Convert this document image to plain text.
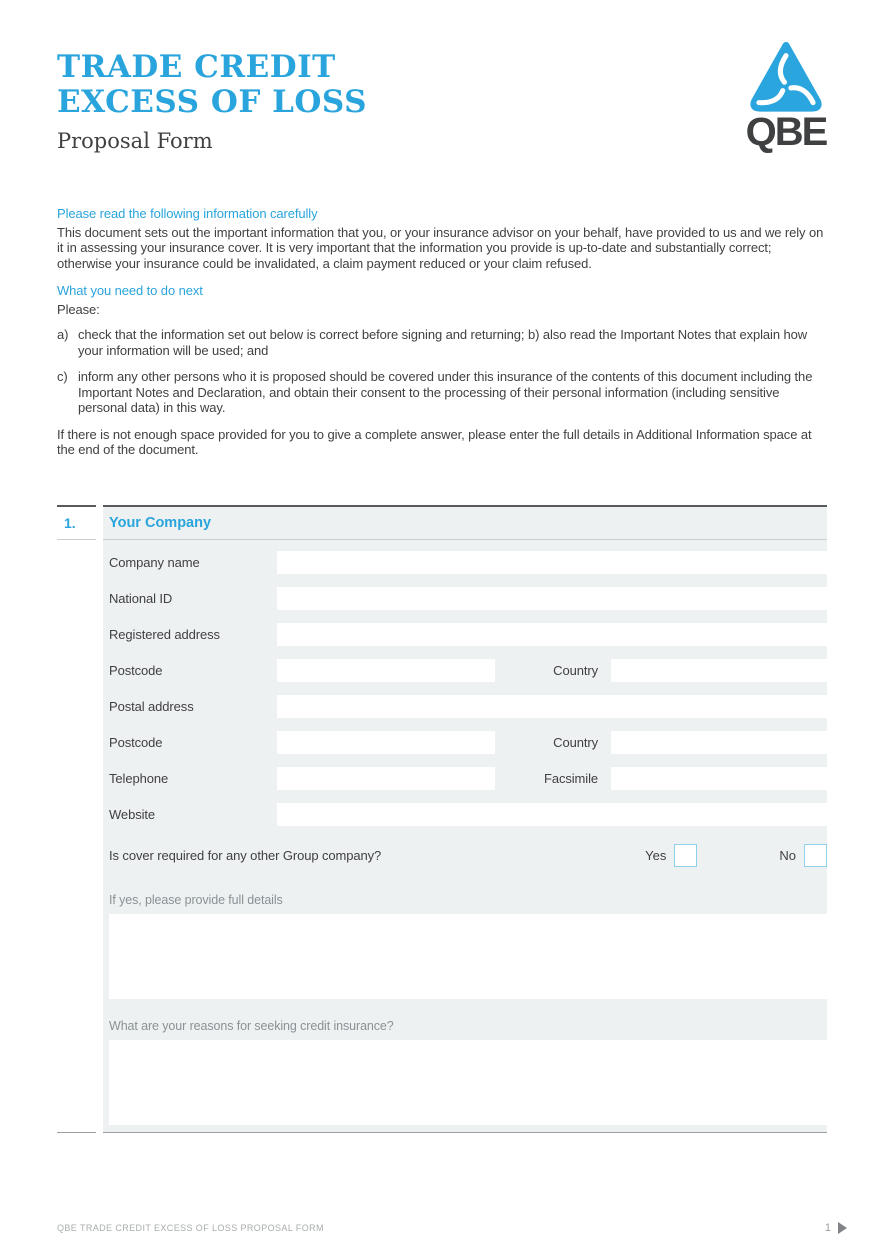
TRADE CREDIT
EXCESS OF LOSS
Proposal Form	QBE
Please read the following information carefully

This document sets out the important information that you, or your insurance advisor on your behalf, have provided to us and we rely on it in assessing your insurance cover. It is very important that the information you provide is up-to-date and substantially correct; otherwise your insurance could be invalidated, a claim payment reduced or your claim refused.

What you need to do next
Please:
a) check that the information set out below is correct before signing and returning; b) also read the Important Notes that explain how your information will be used; and
c) inform any other persons who it is proposed should be covered under this insurance of the contents of this document including the Important Notes and Declaration, and obtain their consent to the processing of their personal information (including sensitive personal data) in this way.

If there is not enough space provided for you to give a complete answer, please enter the full details in Additional Information space at the end of the document.

1.	Your Company
Company name
National ID
Registered address
Postcode	Country
Postal address
Postcode	Country
Telephone	Facsimile
Website
Is cover required for any other Group company?	Yes	No
If yes, please provide full details
What are your reasons for seeking credit insurance?
QBE TRADE CREDIT EXCESS OF LOSS PROPOSAL FORM	1
